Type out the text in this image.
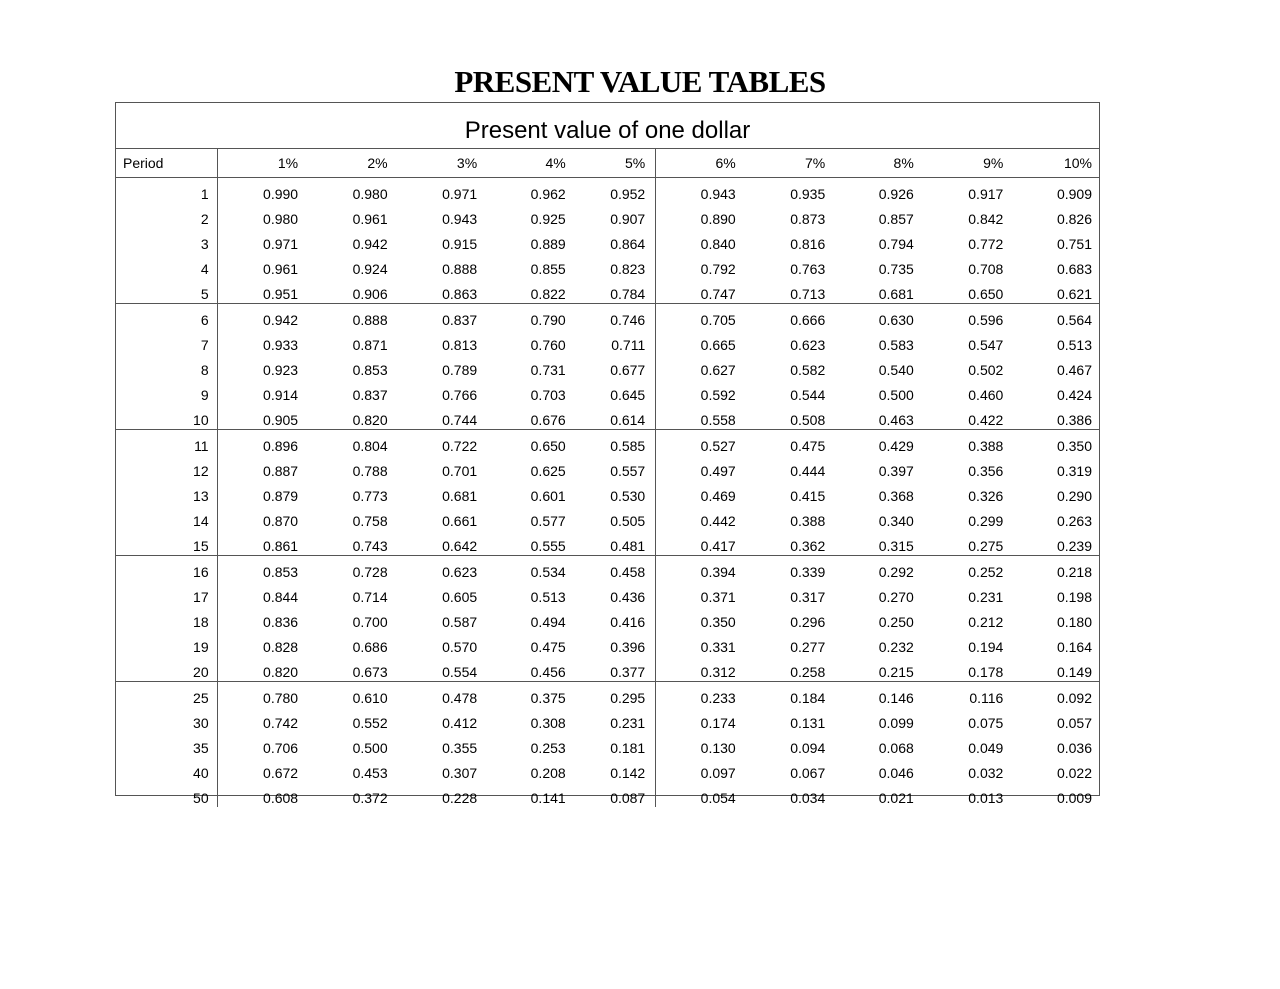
PRESENT VALUE TABLES
Present value of one dollar
Period	1%	2%	3%	4%	5%	6%	7%	8%	9%	10%
1	0.990	0.980	0.971	0.962	0.952	0.943	0.935	0.926	0.917	0.909
2	0.980	0.961	0.943	0.925	0.907	0.890	0.873	0.857	0.842	0.826
3	0.971	0.942	0.915	0.889	0.864	0.840	0.816	0.794	0.772	0.751
4	0.961	0.924	0.888	0.855	0.823	0.792	0.763	0.735	0.708	0.683
5	0.951	0.906	0.863	0.822	0.784	0.747	0.713	0.681	0.650	0.621
6	0.942	0.888	0.837	0.790	0.746	0.705	0.666	0.630	0.596	0.564
7	0.933	0.871	0.813	0.760	0.711	0.665	0.623	0.583	0.547	0.513
8	0.923	0.853	0.789	0.731	0.677	0.627	0.582	0.540	0.502	0.467
9	0.914	0.837	0.766	0.703	0.645	0.592	0.544	0.500	0.460	0.424
10	0.905	0.820	0.744	0.676	0.614	0.558	0.508	0.463	0.422	0.386
11	0.896	0.804	0.722	0.650	0.585	0.527	0.475	0.429	0.388	0.350
12	0.887	0.788	0.701	0.625	0.557	0.497	0.444	0.397	0.356	0.319
13	0.879	0.773	0.681	0.601	0.530	0.469	0.415	0.368	0.326	0.290
14	0.870	0.758	0.661	0.577	0.505	0.442	0.388	0.340	0.299	0.263
15	0.861	0.743	0.642	0.555	0.481	0.417	0.362	0.315	0.275	0.239
16	0.853	0.728	0.623	0.534	0.458	0.394	0.339	0.292	0.252	0.218
17	0.844	0.714	0.605	0.513	0.436	0.371	0.317	0.270	0.231	0.198
18	0.836	0.700	0.587	0.494	0.416	0.350	0.296	0.250	0.212	0.180
19	0.828	0.686	0.570	0.475	0.396	0.331	0.277	0.232	0.194	0.164
20	0.820	0.673	0.554	0.456	0.377	0.312	0.258	0.215	0.178	0.149
25	0.780	0.610	0.478	0.375	0.295	0.233	0.184	0.146	0.116	0.092
30	0.742	0.552	0.412	0.308	0.231	0.174	0.131	0.099	0.075	0.057
35	0.706	0.500	0.355	0.253	0.181	0.130	0.094	0.068	0.049	0.036
40	0.672	0.453	0.307	0.208	0.142	0.097	0.067	0.046	0.032	0.022
50	0.608	0.372	0.228	0.141	0.087	0.054	0.034	0.021	0.013	0.009
